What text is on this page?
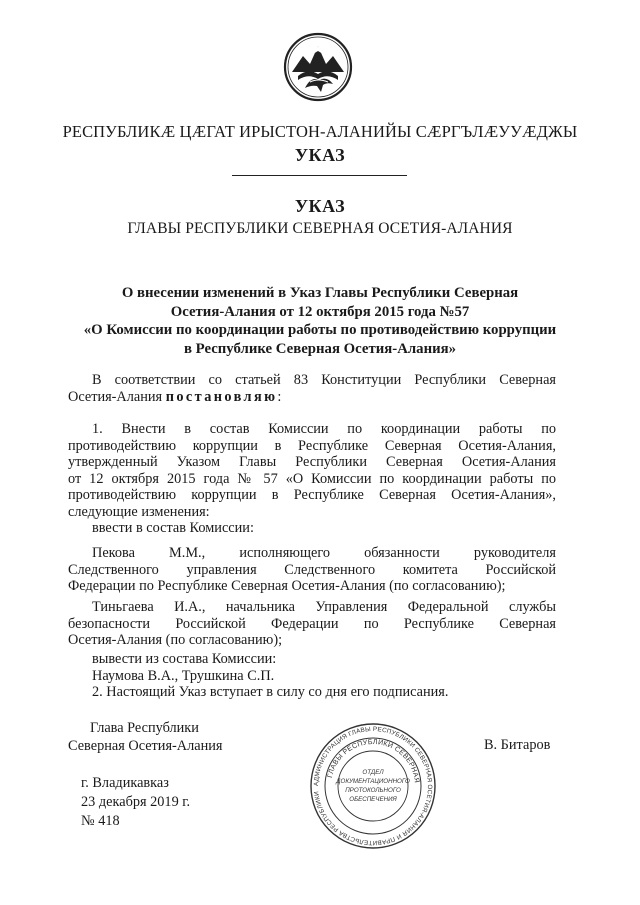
РЕСПУБЛИКӔ ЦӔГАТ ИРЫСТОН-АЛАНИЙЫ СӔРГЪЛӔУУӔДЖЫ
УКАЗ
УКАЗ
ГЛАВЫ РЕСПУБЛИКИ СЕВЕРНАЯ ОСЕТИЯ-АЛАНИЯ
О внесении изменений в Указ Главы Республики Северная
Осетия-Алания от 12 октября 2015 года №57
«О Комиссии по координации работы по противодействию коррупции
в Республике Северная Осетия-Алания»
В соответствии со статьей 83 Конституции Республики Северная
Осетия-Алания постановляю:
1. Внести в состав Комиссии по координации работы по
противодействию коррупции в Республике Северная Осетия-Алания,
утвержденный Указом Главы Республики Северная Осетия-Алания
от 12 октября 2015 года № 57 «О Комиссии по координации работы по
противодействию коррупции в Республике Северная Осетия-Алания»,
следующие изменения:
ввести в состав Комиссии:
Пекова М.М., исполняющего обязанности руководителя
Следственного управления Следственного комитета Российской
Федерации по Республике Северная Осетия-Алания (по согласованию);
Тиньгаева И.А., начальника Управления Федеральной службы
безопасности Российской Федерации по Республике Северная
Осетия-Алания (по согласованию);
вывести из состава Комиссии:
Наумова В.А., Трушкина С.П.
2. Настоящий Указ вступает в силу со дня его подписания.
Глава Республики
Северная Осетия-Алания	В. Битаров
г. Владикавказ
23 декабря 2019 г.
№ 418
АДМИНИСТРАЦИЯ ГЛАВЫ РЕСПУБЛИКИ СЕВЕРНАЯ ОСЕТИЯ-АЛАНИЯ И ПРАВИТЕЛЬСТВА РЕСПУБЛИКИ
ГЛАВЫ РЕСПУБЛИКИ СЕВЕРНАЯ
ОТДЕЛ
ДОКУМЕНТАЦИОННОГО
ПРОТОКОЛЬНОГО
ОБЕСПЕЧЕНИЯ
